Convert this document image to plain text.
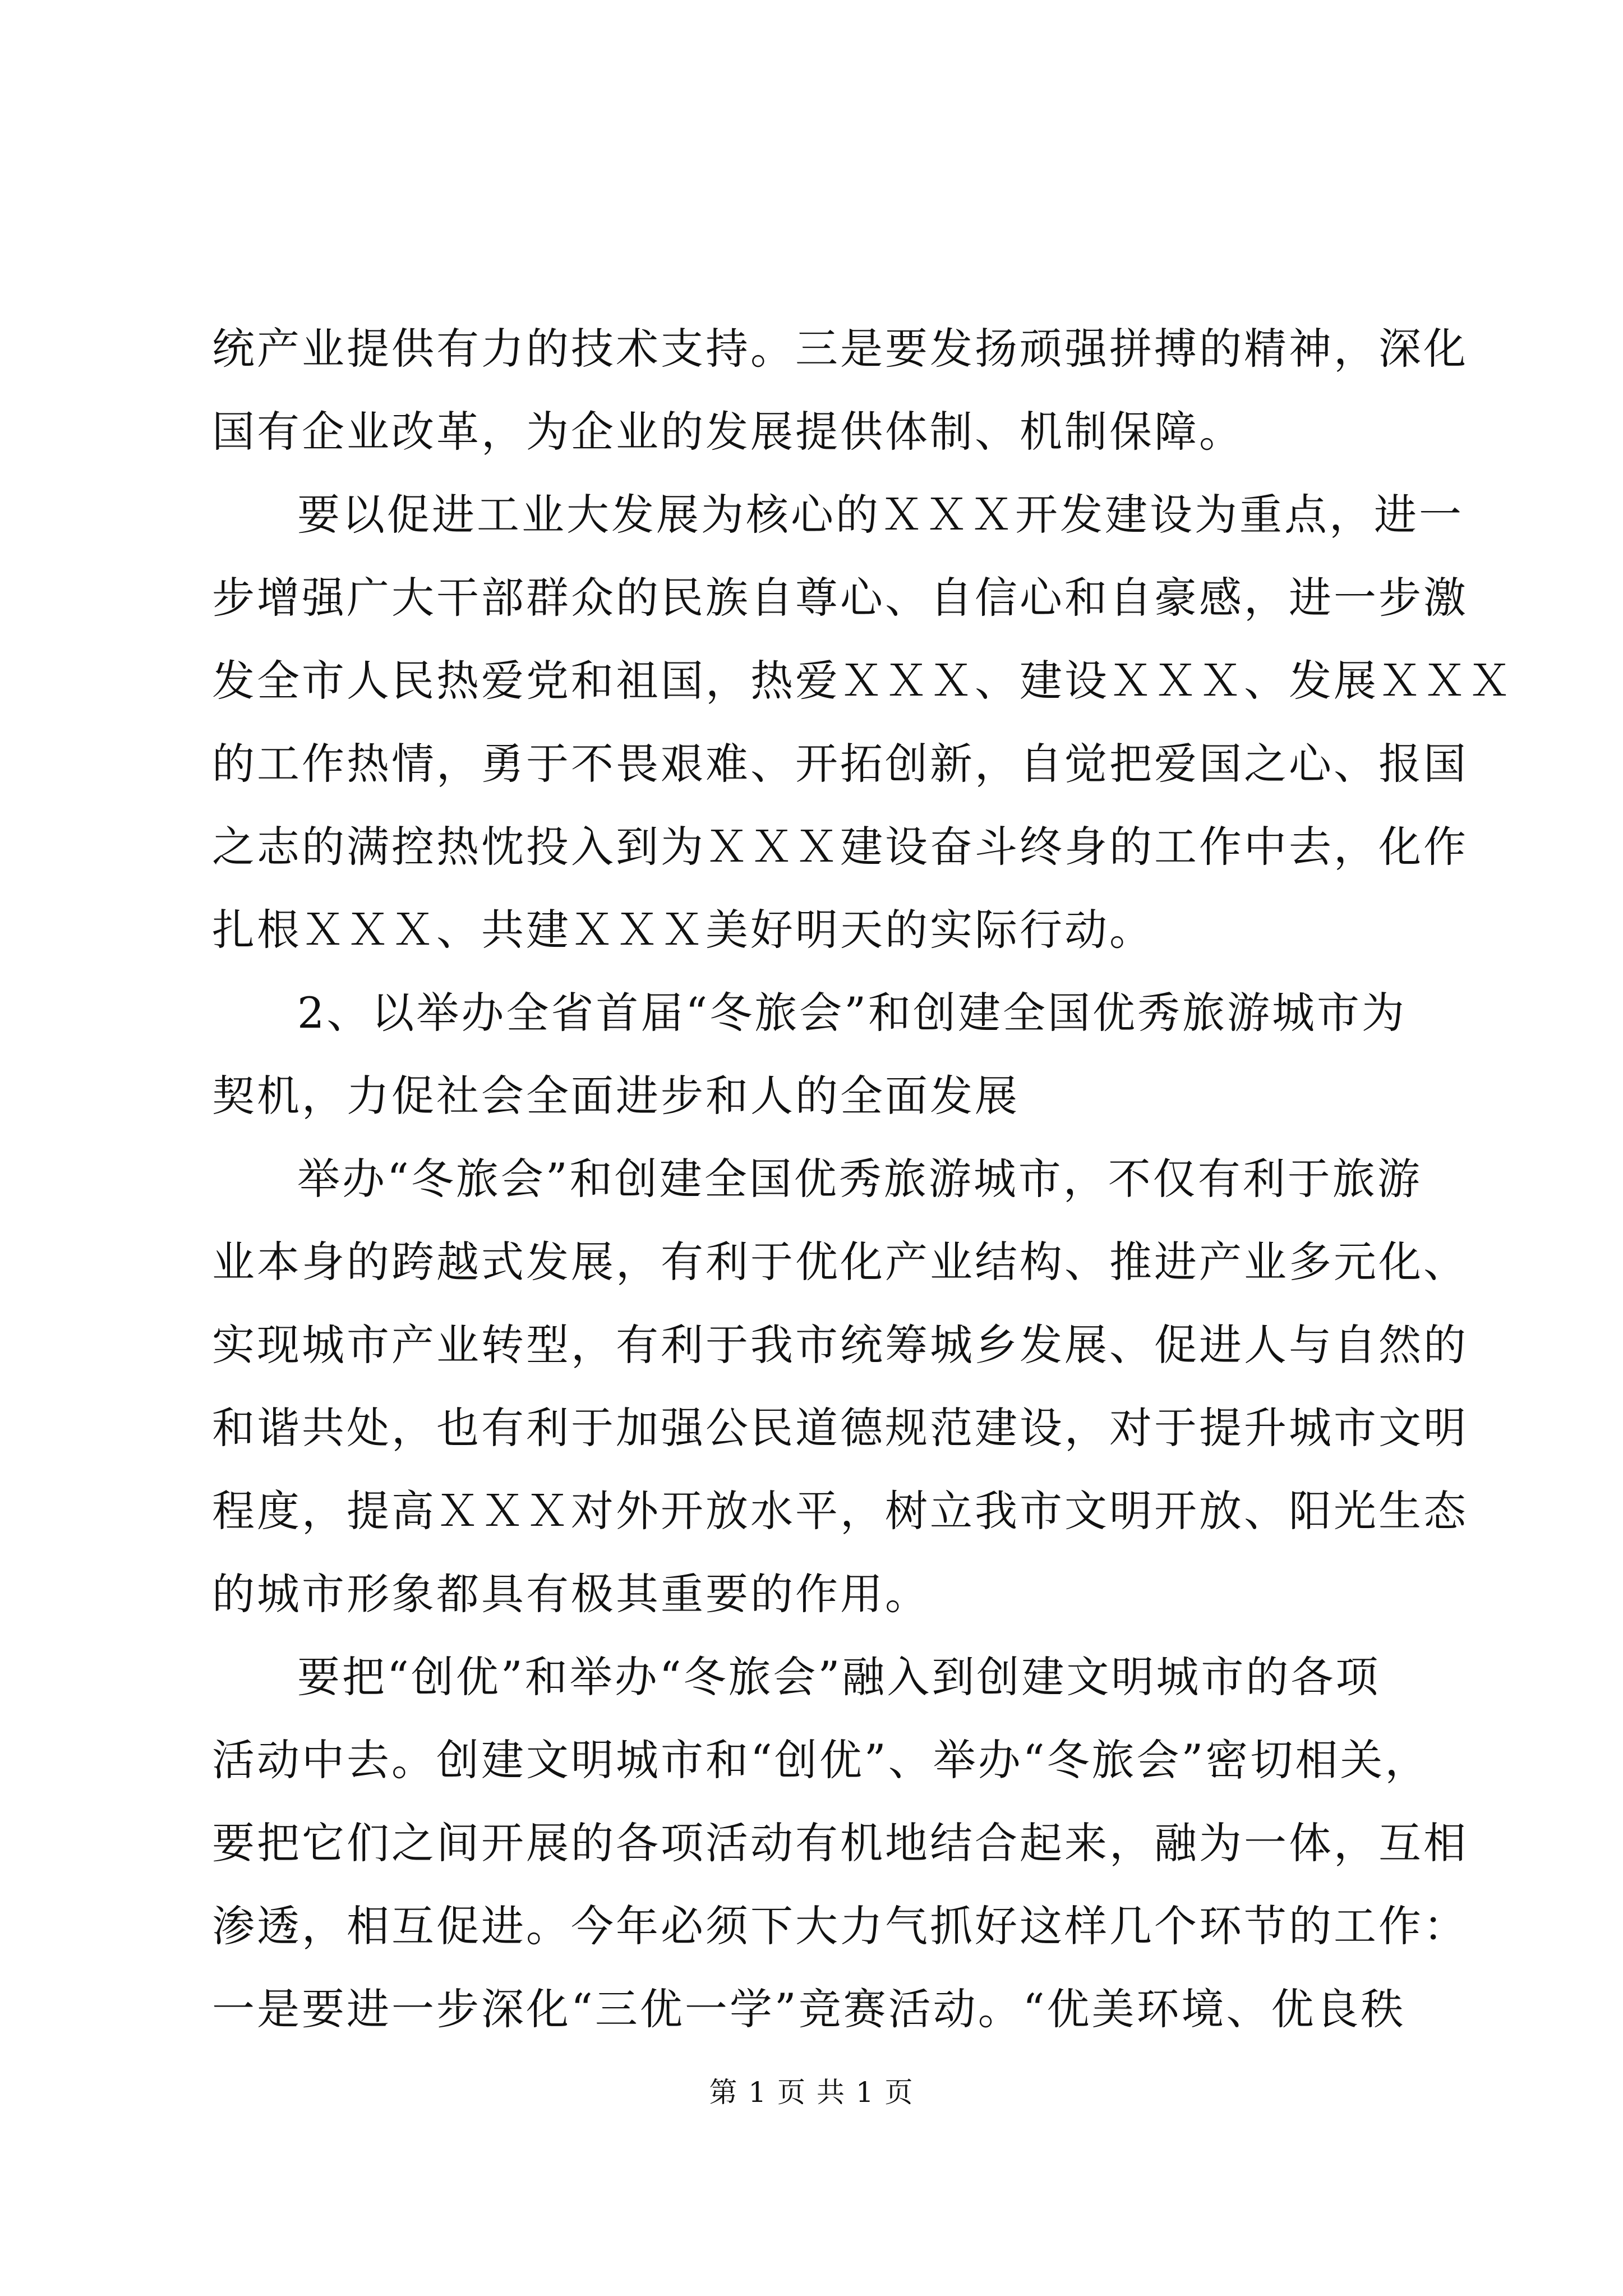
统产业提供有力的技术支持。三是要发扬顽强拼搏的精神，深化
国有企业改革，为企业的发展提供体制、机制保障。
要以促进工业大发展为核心的ＸＸＸ开发建设为重点，进一
步增强广大干部群众的民族自尊心、自信心和自豪感，进一步激
发全市人民热爱党和祖国，热爱ＸＸＸ、建设ＸＸＸ、发展ＸＸＸ
的工作热情，勇于不畏艰难、开拓创新，自觉把爱国之心、报国
之志的满控热忱投入到为ＸＸＸ建设奋斗终身的工作中去，化作
扎根ＸＸＸ、共建ＸＸＸ美好明天的实际行动。
2、以举办全省首届“冬旅会”和创建全国优秀旅游城市为
契机，力促社会全面进步和人的全面发展
举办“冬旅会”和创建全国优秀旅游城市，不仅有利于旅游
业本身的跨越式发展，有利于优化产业结构、推进产业多元化、
实现城市产业转型，有利于我市统筹城乡发展、促进人与自然的
和谐共处，也有利于加强公民道德规范建设，对于提升城市文明
程度，提高ＸＸＸ对外开放水平，树立我市文明开放、阳光生态
的城市形象都具有极其重要的作用。
要把“创优”和举办“冬旅会”融入到创建文明城市的各项
活动中去。创建文明城市和“创优”、举办“冬旅会”密切相关，
要把它们之间开展的各项活动有机地结合起来，融为一体，互相
渗透，相互促进。今年必须下大力气抓好这样几个环节的工作：
一是要进一步深化“三优一学”竞赛活动。“优美环境、优良秩
第 1 页 共 1 页
